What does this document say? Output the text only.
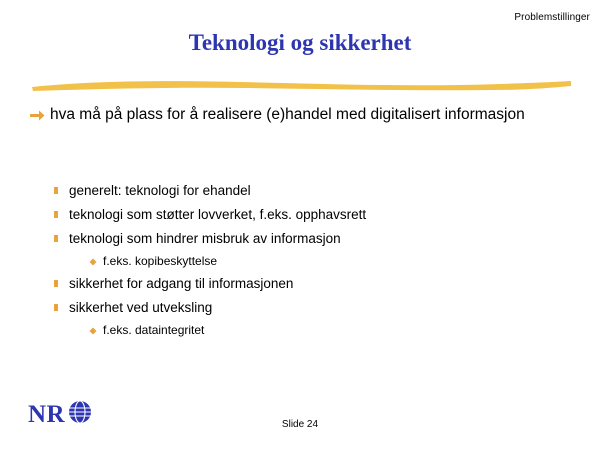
Problemstillinger
Teknologi og sikkerhet
hva må på plass for å realisere (e)handel med digitalisert informasjon
generelt: teknologi for ehandel
teknologi som støtter lovverket, f.eks. opphavsrett
teknologi som hindrer misbruk av informasjon
f.eks. kopibeskyttelse
sikkerhet for adgang til informasjonen
sikkerhet ved utveksling
f.eks. dataintegritet
NR	Slide 24
